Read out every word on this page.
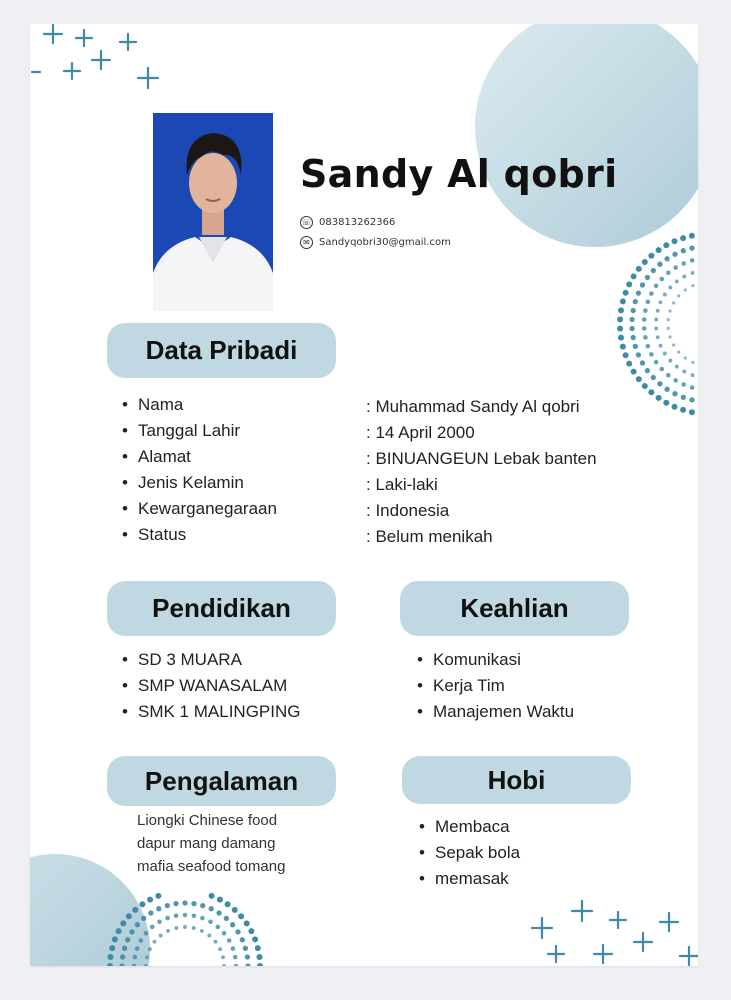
Sandy Al qobri
☏ 083813262366
✉ Sandyqobri30@gmail.com
Data Pribadi
• Nama
• Tanggal Lahir
• Alamat
• Jenis Kelamin
• Kewarganegaraan
• Status
: Muhammad Sandy Al qobri
: 14 April 2000
: BINUANGEUN Lebak banten
: Laki-laki
: Indonesia
: Belum menikah
Pendidikan
• SD 3 MUARA
• SMP WANASALAM
• SMK 1 MALINGPING
Keahlian
• Komunikasi
• Kerja Tim
• Manajemen Waktu
Pengalaman
Liongki Chinese food
dapur mang damang
mafia seafood tomang
Hobi
• Membaca
• Sepak bola
• memasak
